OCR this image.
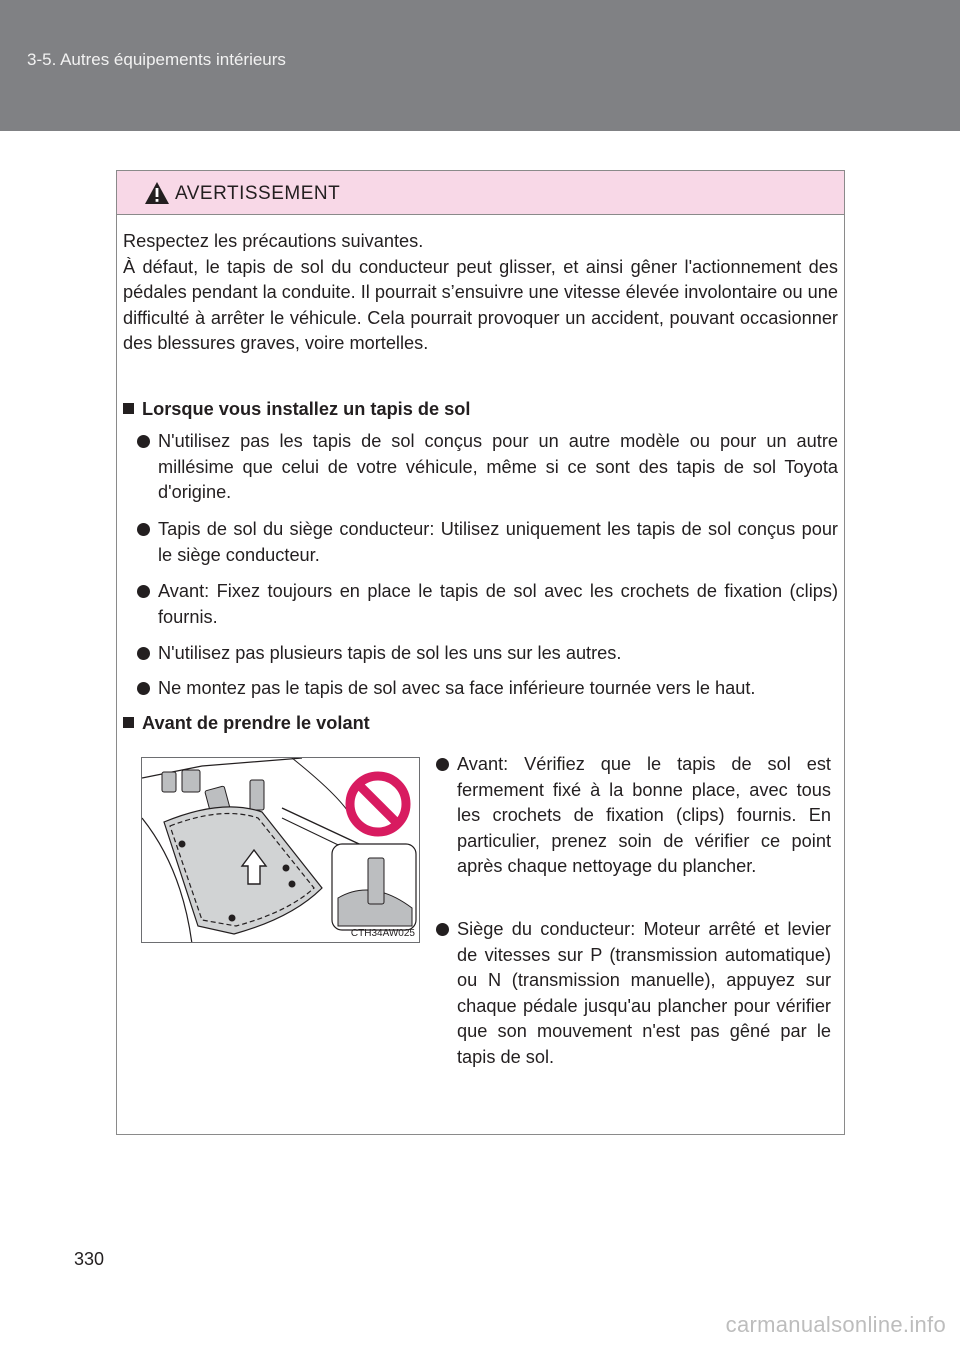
3-5. Autres équipements intérieurs
AVERTISSEMENT

Respectez les précautions suivantes.

À défaut, le tapis de sol du conducteur peut glisser, et ainsi gêner l'actionnement des pédales pendant la conduite. Il pourrait s’ensuivre une vitesse élevée involontaire ou une difficulté à arrêter le véhicule. Cela pourrait provoquer un accident, pouvant occasionner des blessures graves, voire mortelles.

Lorsque vous installez un tapis de sol
N'utilisez pas les tapis de sol conçus pour un autre modèle ou pour un autre millésime que celui de votre véhicule, même si ce sont des tapis de sol Toyota d'origine.
Tapis de sol du siège conducteur: Utilisez uniquement les tapis de sol conçus pour le siège conducteur.
Avant: Fixez toujours en place le tapis de sol avec les crochets de fixation (clips) fournis.
N'utilisez pas plusieurs tapis de sol les uns sur les autres.
Ne montez pas le tapis de sol avec sa face inférieure tournée vers le haut.
Avant de prendre le volant
CTH34AW025
Avant: Vérifiez que le tapis de sol est fermement fixé à la bonne place, avec tous les crochets de fixation (clips) fournis. En particulier, prenez soin de vérifier ce point après chaque nettoyage du plancher.
Siège du conducteur: Moteur arrêté et levier de vitesses sur P (transmission automatique) ou N (transmission manuelle), appuyez sur chaque pédale jusqu'au plancher pour vérifier que son mouvement n'est pas gêné par le tapis de sol.
330
carmanualsonline.info
